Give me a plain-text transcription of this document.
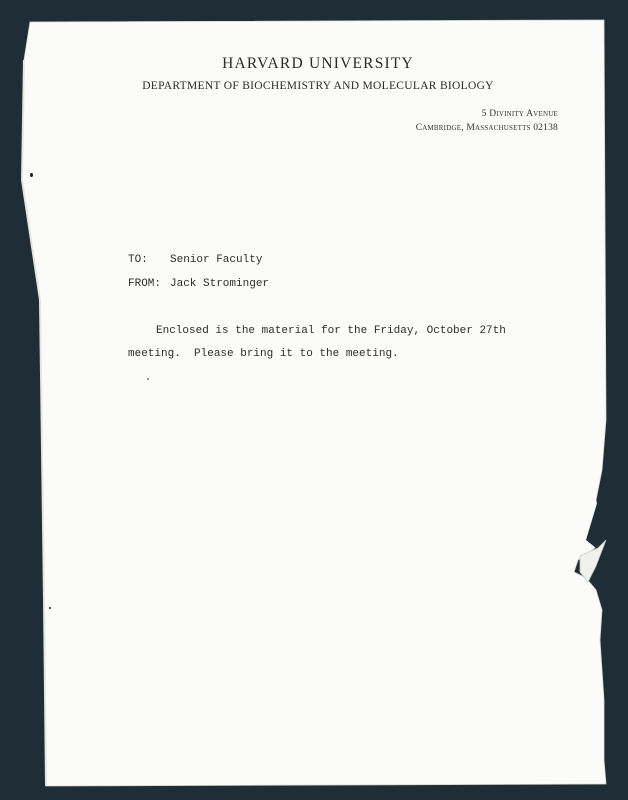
HARVARD UNIVERSITY
DEPARTMENT OF BIOCHEMISTRY AND MOLECULAR BIOLOGY
5 Divinity Avenue
Cambridge, Massachusetts 02138
TO: Senior Faculty
FROM: Jack Strominger
Enclosed is the material for the Friday, October 27th
meeting.  Please bring it to the meeting.
